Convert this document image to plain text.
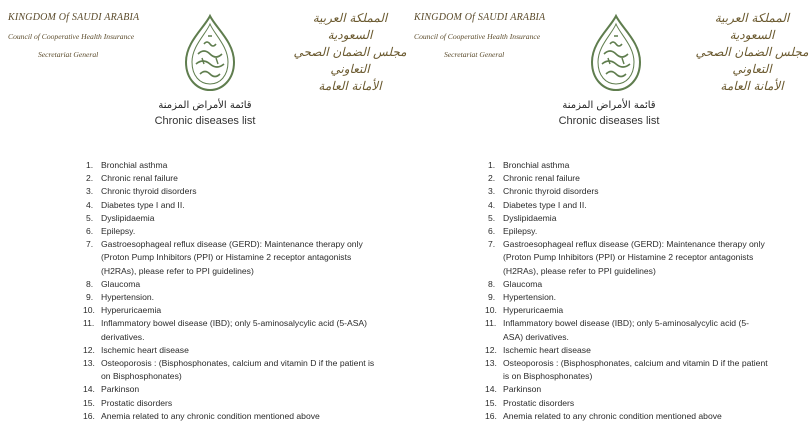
KINGDOM Of SAUDI ARABIA
Council of Cooperative Health Insurance
Secretariat General
المملكة العربية السعودية
مجلس الضمان الصحي التعاوني
الأمانة العامة
قائمة الأمراض المزمنة
Chronic diseases list
1. Bronchial asthma
2. Chronic renal failure
3. Chronic thyroid disorders
4. Diabetes type I and II.
5. Dyslipidaemia
6. Epilepsy.
7. Gastroesophageal reflux disease (GERD): Maintenance therapy only (Proton Pump Inhibitors (PPI) or Histamine 2 receptor antagonists (H2RAs), please refer to PPI guidelines)
8. Glaucoma
9. Hypertension.
10. Hyperuricaemia
11. Inflammatory bowel disease (IBD); only 5-aminosalycylic acid (5-ASA) derivatives.
12. Ischemic heart disease
13. Osteoporosis : (Bisphosphonates, calcium and vitamin D if the patient is on Bisphosphonates)
14. Parkinson
15. Prostatic disorders
16. Anemia related to any chronic condition mentioned above
KINGDOM Of SAUDI ARABIA
Council of Cooperative Health Insurance
Secretariat General
المملكة العربية السعودية
مجلس الضمان الصحي التعاوني
الأمانة العامة
قائمة الأمراض المزمنة
Chronic diseases list
1. Bronchial asthma
2. Chronic renal failure
3. Chronic thyroid disorders
4. Diabetes type I and II.
5. Dyslipidaemia
6. Epilepsy.
7. Gastroesophageal reflux disease (GERD): Maintenance therapy only (Proton Pump Inhibitors (PPI) or Histamine 2 receptor antagonists (H2RAs), please refer to PPI guidelines)
8. Glaucoma
9. Hypertension.
10. Hyperuricaemia
11. Inflammatory bowel disease (IBD); only 5-aminosalycylic acid (5-ASA) derivatives.
12. Ischemic heart disease
13. Osteoporosis : (Bisphosphonates, calcium and vitamin D if the patient is on Bisphosphonates)
14. Parkinson
15. Prostatic disorders
16. Anemia related to any chronic condition mentioned above
